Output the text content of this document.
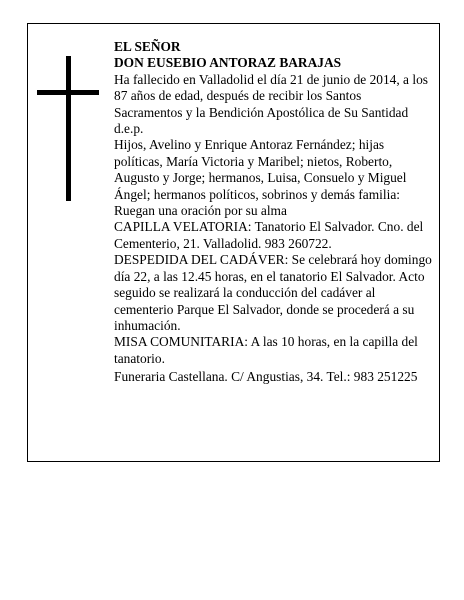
EL SEÑOR

DON EUSEBIO ANTORAZ BARAJAS

Ha fallecido en Valladolid el día 21 de junio de 2014, a los 87 años de edad, después de recibir los Santos Sacramentos y la Bendición Apostólica de Su Santidad d.e.p.

Hijos, Avelino y Enrique Antoraz Fernández; hijas políticas, María Victoria y Maribel; nietos, Roberto, Augusto y Jorge; hermanos, Luisa, Consuelo y Miguel Ángel; hermanos políticos, sobrinos y demás familia:

Ruegan una oración por su alma

CAPILLA VELATORIA: Tanatorio El Salvador. Cno. del Cementerio, 21. Valladolid. 983 260722.

DESPEDIDA DEL CADÁVER: Se celebrará hoy domingo día 22, a las 12.45 horas, en el tanatorio El Salvador. Acto seguido se realizará la conducción del cadáver al cementerio Parque El Salvador, donde se procederá a su inhumación.

MISA COMUNITARIA: A las 10 horas, en la capilla del tanatorio.

Funeraria Castellana. C/ Angustias, 34. Tel.: 983 251225
